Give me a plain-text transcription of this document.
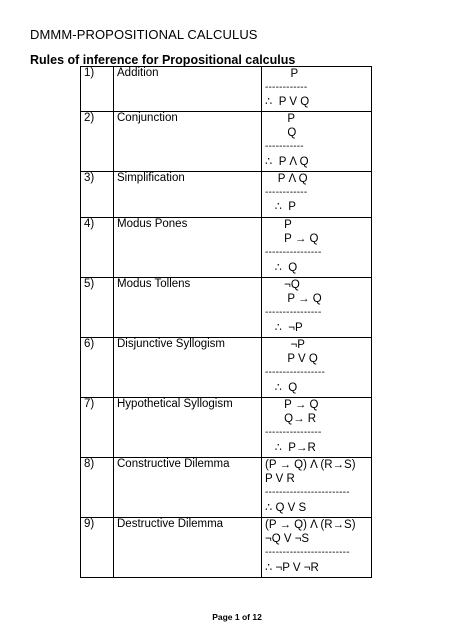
DMMM-PROPOSITIONAL CALCULUS
Rules of inference for Propositional calculus
1)	Addition	P
------------
∴  P V Q

2)	Conjunction	P
Q
-----------
∴  P Λ Q

3)	Simplification	P Λ Q
------------
∴  P

4)	Modus Pones	P
P → Q
----------------
∴  Q

5)	Modus Tollens	¬Q
P → Q
----------------
∴  ¬P

6)	Disjunctive Syllogism	¬P
P V Q
-----------------
∴  Q

7)	Hypothetical Syllogism	P → Q
Q→ R
----------------
∴  P→R

8)	Constructive Dilemma	(P → Q) Λ (R→S)
P V R
------------------------
∴ Q V S

9)	Destructive Dilemma	(P → Q) Λ (R→S)
¬Q V ¬S
------------------------
∴ ¬P V ¬R
Page 1 of 12
